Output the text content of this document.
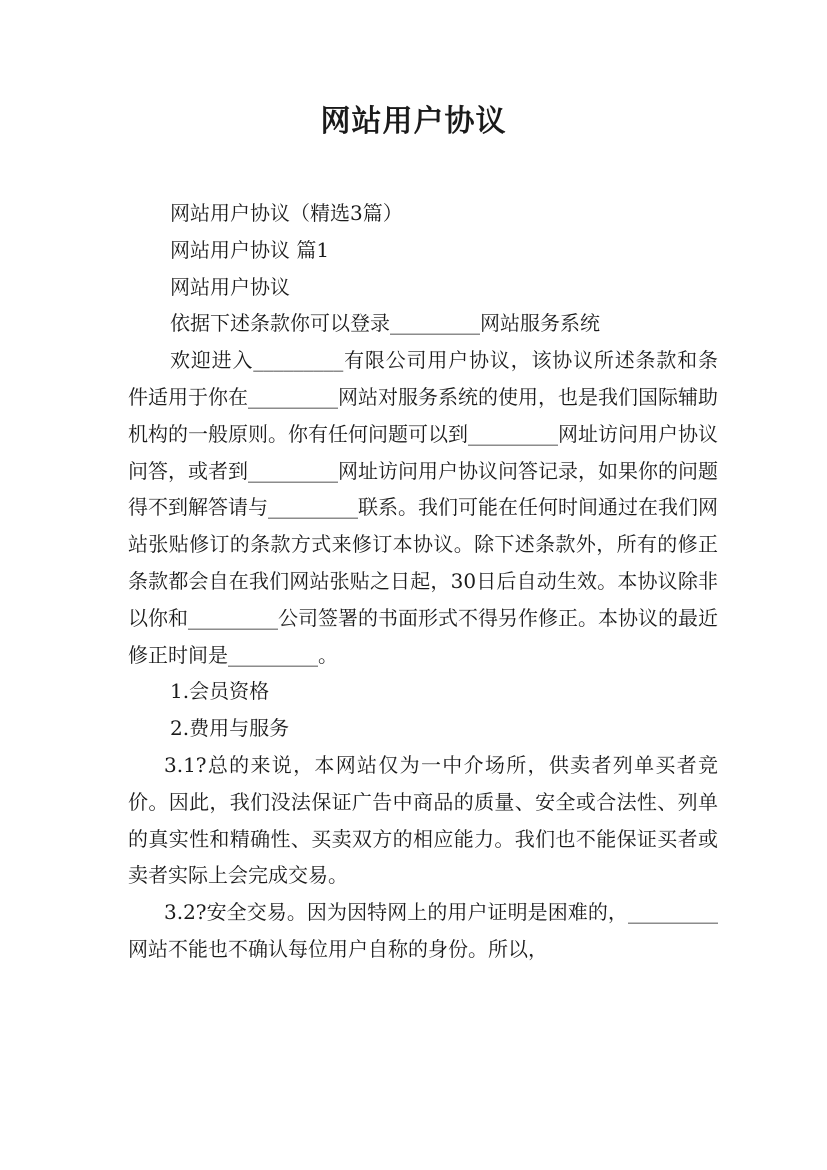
网站用户协议

网站用户协议（精选3篇）

网站用户协议 篇1

网站用户协议

依据下述条款你可以登录_________网站服务系统

欢迎进入_________有限公司用户协议，该协议所述条款和条件适用于你在_________网站对服务系统的使用，也是我们国际辅助机构的一般原则。你有任何问题可以到_________网址访问用户协议问答，或者到_________网址访问用户协议问答记录，如果你的问题得不到解答请与_________联系。我们可能在任何时间通过在我们网站张贴修订的条款方式来修订本协议。除下述条款外，所有的修正条款都会自在我们网站张贴之日起，30日后自动生效。本协议除非以你和_________公司签署的书面形式不得另作修正。本协议的最近修正时间是_________。

1.会员资格

2.费用与服务

3.1?总的来说，本网站仅为一中介场所，供卖者列单买者竞价。因此，我们没法保证广告中商品的质量、安全或合法性、列单的真实性和精确性、买卖双方的相应能力。我们也不能保证买者或卖者实际上会完成交易。

3.2?安全交易。因为因特网上的用户证明是困难的，_________网站不能也不确认每位用户自称的身份。所以，
